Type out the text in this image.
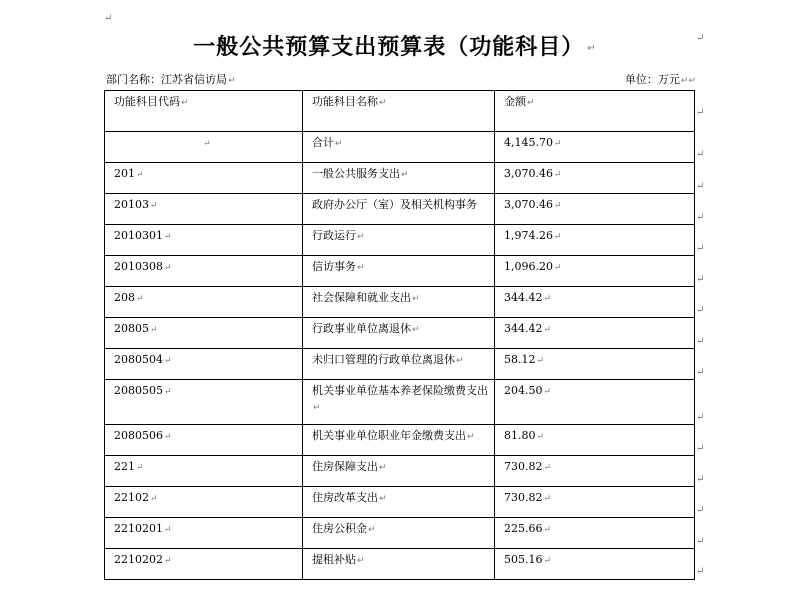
↵
一般公共预算支出预算表（功能科目） ↵
↵
部门名称：江苏省信访局↵	单位：万元↵↵
功能科目代码↵	功能科目名称↵	金额↵
↵	合计↵	4,145.70↵
201↵	一般公共服务支出↵	3,070.46↵
20103↵	政府办公厅（室）及相关机构事务	3,070.46↵
2010301↵	行政运行↵	1,974.26↵
2010308↵	信访事务↵	1,096.20↵
208↵	社会保障和就业支出↵	344.42↵
20805↵	行政事业单位离退休↵	344.42↵
2080504↵	未归口管理的行政单位离退休↵	58.12↵
2080505↵	机关事业单位基本养老保险缴费支出↵	204.50↵
2080506↵	机关事业单位职业年金缴费支出↵	81.80↵
221↵	住房保障支出↵	730.82↵
22102↵	住房改革支出↵	730.82↵
2210201↵	住房公积金↵	225.66↵
2210202↵	提租补贴↵	505.16↵
↵
↵
↵
↵
↵
↵
↵
↵
↵
↵
↵
↵
↵
↵
↵
